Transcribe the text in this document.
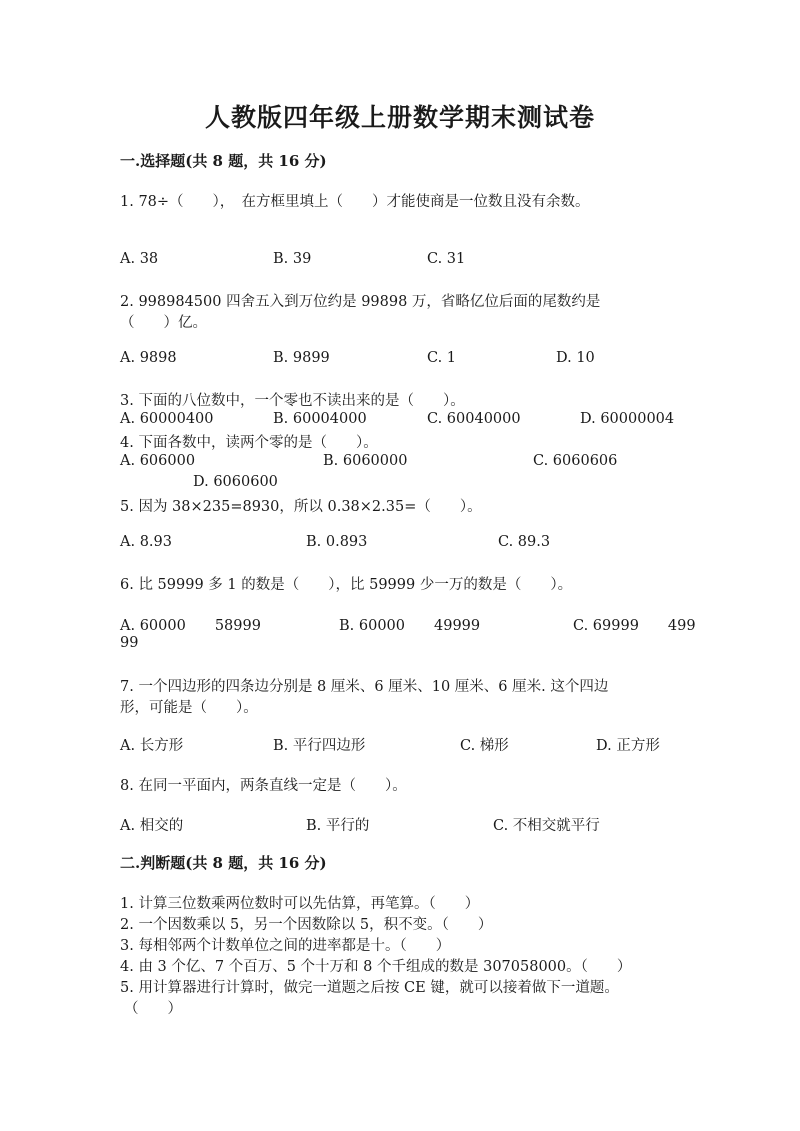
人教版四年级上册数学期末测试卷
一.选择题(共 8 题，共 16 分)
1. 78÷（　　），　在方框里填上（　　）才能使商是一位数且没有余数。
A. 38	B. 39	C. 31
2. 998984500 四舍五入到万位约是 99898 万，省略亿位后面的尾数约是
（　　）亿。
A. 9898	B. 9899	C. 1	D. 10
3. 下面的八位数中，一个零也不读出来的是（　　）。
A. 60000400	B. 60004000	C. 60040000	D. 60000004
4. 下面各数中，读两个零的是（　　）。
A. 606000	B. 6060000	C. 6060606
D. 6060600
5. 因为 38×235=8930，所以 0.38×2.35=（　　）。
A. 8.93	B. 0.893	C. 89.3
6. 比 59999 多 1 的数是（　　），比 59999 少一万的数是（　　）。
A. 60000　　58999	B. 60000　　49999	C. 69999　　499
99
7. 一个四边形的四条边分别是 8 厘米、6 厘米、10 厘米、6 厘米. 这个四边
形，可能是（　　）。
A. 长方形	B. 平行四边形	C. 梯形	D. 正方形
8. 在同一平面内，两条直线一定是（　　）。
A. 相交的	B. 平行的	C. 不相交就平行
二.判断题(共 8 题，共 16 分)
1. 计算三位数乘两位数时可以先估算，再笔算。（　　）
2. 一个因数乘以 5，另一个因数除以 5，积不变。（　　）
3. 每相邻两个计数单位之间的进率都是十。（　　）
4. 由 3 个亿、7 个百万、5 个十万和 8 个千组成的数是 307058000。（　　）
5. 用计算器进行计算时，做完一道题之后按 CE 键，就可以接着做下一道题。
（　　）
